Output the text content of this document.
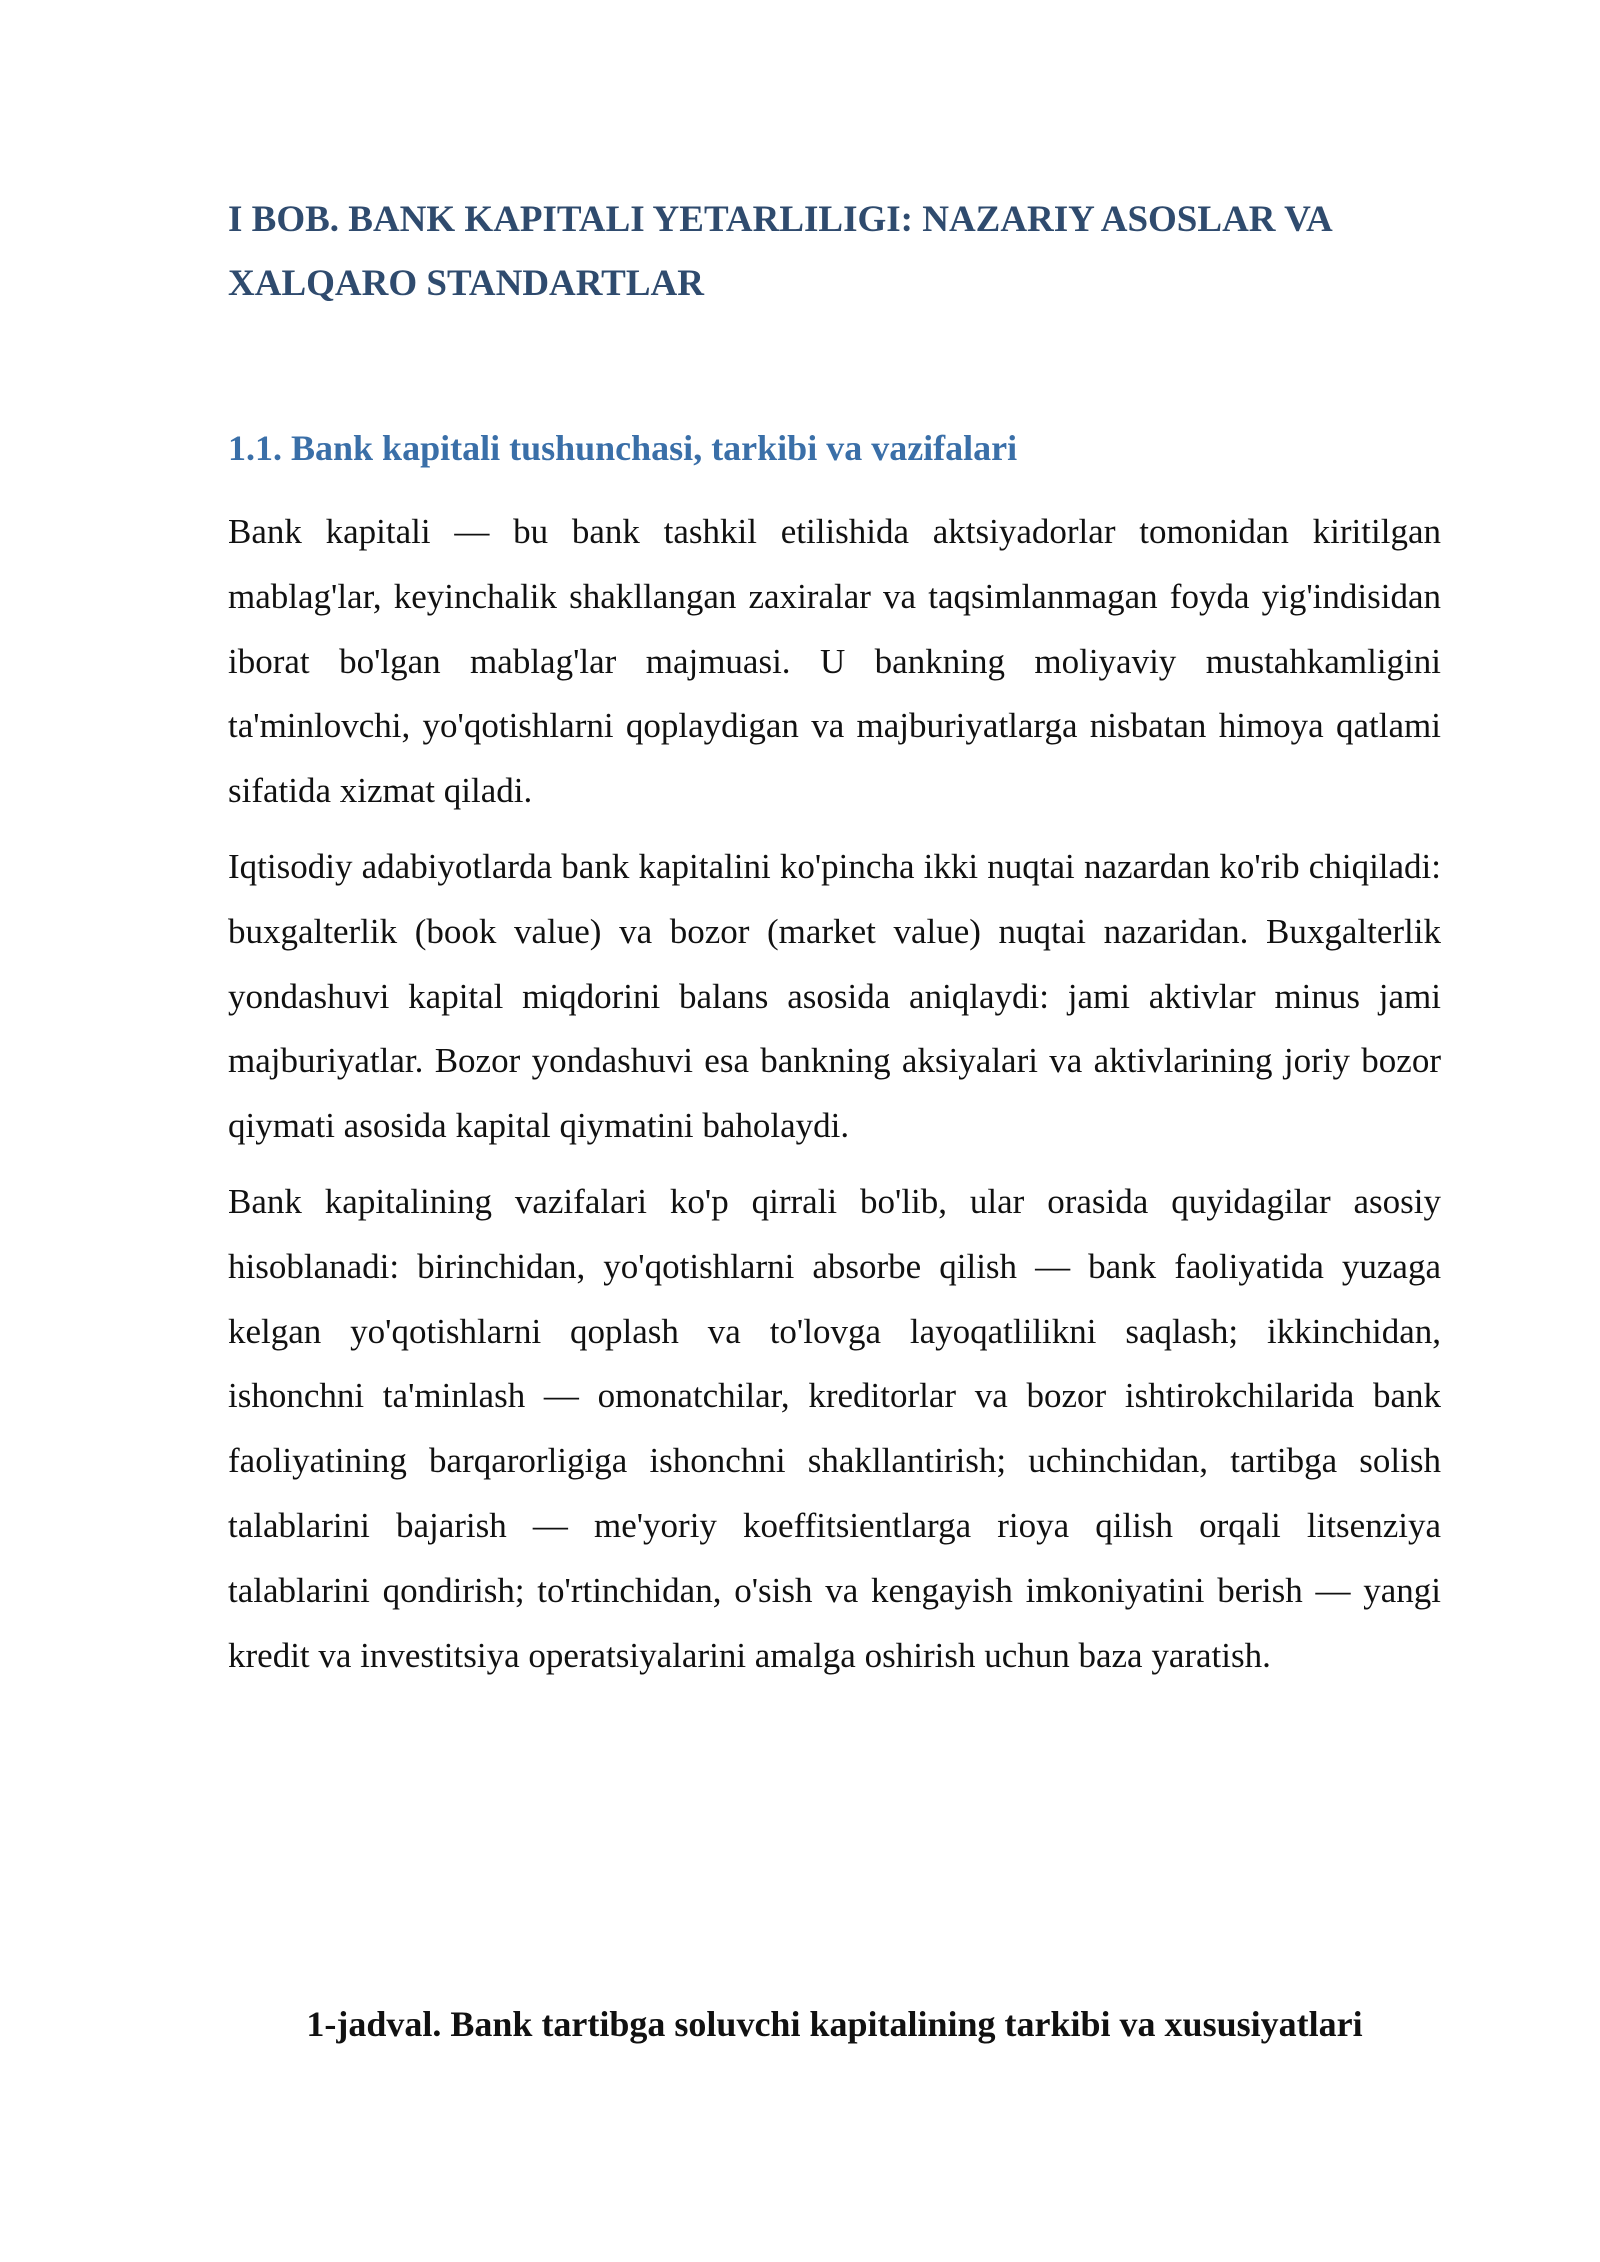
I BOB. BANK KAPITALI YETARLILIGI: NAZARIY ASOSLAR VA XALQARO STANDARTLAR
1.1. Bank kapitali tushunchasi, tarkibi va vazifalari

Bank kapitali — bu bank tashkil etilishida aktsiyadorlar tomonidan kiritilgan mablag'lar, keyinchalik shakllangan zaxiralar va taqsimlanmagan foyda yig'indisidan iborat bo'lgan mablag'lar majmuasi. U bankning moliyaviy mustahkamligini ta'minlovchi, yo'qotishlarni qoplaydigan va majburiyatlarga nisbatan himoya qatlami sifatida xizmat qiladi.

Iqtisodiy adabiyotlarda bank kapitalini ko'pincha ikki nuqtai nazardan ko'rib chiqiladi: buxgalterlik (book value) va bozor (market value) nuqtai nazaridan. Buxgalterlik yondashuvi kapital miqdorini balans asosida aniqlaydi: jami aktivlar minus jami majburiyatlar. Bozor yondashuvi esa bankning aksiyalari va aktivlarining joriy bozor qiymati asosida kapital qiymatini baholaydi.

Bank kapitalining vazifalari ko'p qirrali bo'lib, ular orasida quyidagilar asosiy hisoblanadi: birinchidan, yo'qotishlarni absorbe qilish — bank faoliyatida yuzaga kelgan yo'qotishlarni qoplash va to'lovga layoqatlilikni saqlash; ikkinchidan, ishonchni ta'minlash — omonatchilar, kreditorlar va bozor ishtirokchilarida bank faoliyatining barqarorligiga ishonchni shakllantirish; uchinchidan, tartibga solish talablarini bajarish — me'yoriy koeffitsientlarga rioya qilish orqali litsenziya talablarini qondirish; to'rtinchidan, o'sish va kengayish imkoniyatini berish — yangi kredit va investitsiya operatsiyalarini amalga oshirish uchun baza yaratish.

1-jadval. Bank tartibga soluvchi kapitalining tarkibi va xususiyatlari
